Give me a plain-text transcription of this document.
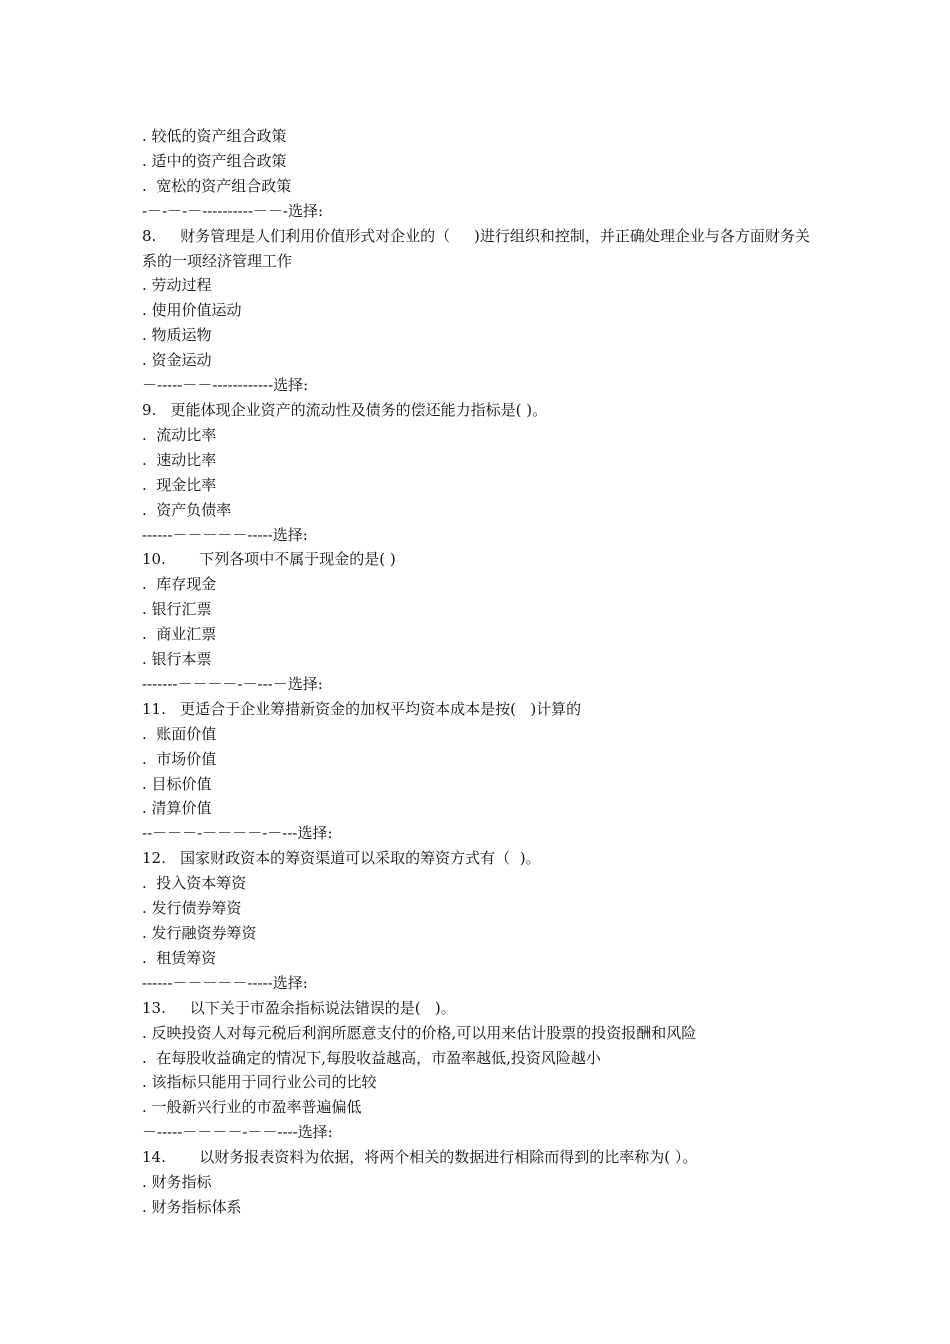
. 较低的资产组合政策

. 适中的资产组合政策

.  宽松的资产组合政策

-－-－-－----------－－-选择:

8.     财务管理是人们利用价值形式对企业的（     )进行组织和控制，并正确处理企业与各方面财务关系的一项经济管理工作

. 劳动过程

. 使用价值运动

. 物质运物

. 资金运动

－-----－－------------选择:

9.   更能体现企业资产的流动性及债务的偿还能力指标是( )。

.  流动比率

.  速动比率

.  现金比率

.  资产负债率

------－－－－－-----选择:

10.       下列各项中不属于现金的是( )

.  库存现金

. 银行汇票

.  商业汇票

. 银行本票

-------－－－－-－---－选择:

11.   更适合于企业筹措新资金的加权平均资本成本是按(   )计算的

.  账面价值

.  市场价值

. 目标价值

. 清算价值

--－－－-－－－－-－---选择:

12.   国家财政资本的筹资渠道可以采取的筹资方式有（  )。

.  投入资本筹资

. 发行债券筹资

. 发行融资券筹资

.  租赁筹资

------－－－－－-----选择:

13.     以下关于市盈余指标说法错误的是(   )。

. 反映投资人对每元税后利润所愿意支付的价格,可以用来估计股票的投资报酬和风险

.  在每股收益确定的情况下,每股收益越高，市盈率越低,投资风险越小

. 该指标只能用于同行业公司的比较

. 一般新兴行业的市盈率普遍偏低

－-----－－－－-－－----选择:

14.       以财务报表资料为依据，将两个相关的数据进行相除而得到的比率称为( ）。

. 财务指标

. 财务指标体系
